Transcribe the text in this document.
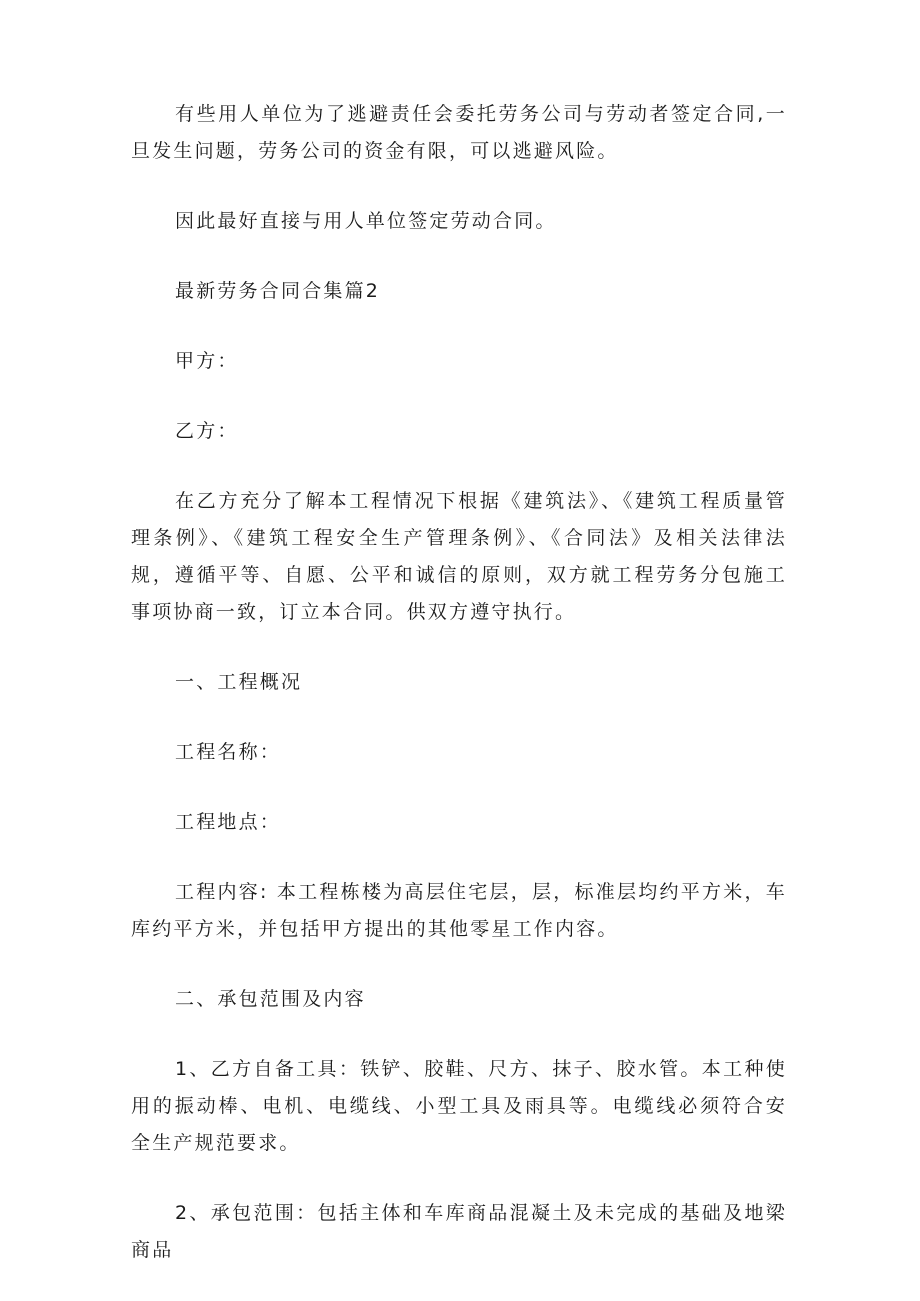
有些用人单位为了逃避责任会委托劳务公司与劳动者签定合同,一旦发生问题，劳务公司的资金有限，可以逃避风险。

因此最好直接与用人单位签定劳动合同。

最新劳务合同合集篇2

甲方：

乙方：

在乙方充分了解本工程情况下根据《建筑法》、《建筑工程质量管理条例》、《建筑工程安全生产管理条例》、《合同法》及相关法律法规，遵循平等、自愿、公平和诚信的原则，双方就工程劳务分包施工事项协商一致，订立本合同。供双方遵守执行。

一、工程概况

工程名称：

工程地点：

工程内容: 本工程栋楼为高层住宅层，层，标准层均约平方米，车库约平方米，并包括甲方提出的其他零星工作内容。

二、承包范围及内容

1、乙方自备工具：铁铲、胶鞋、尺方、抹子、胶水管。本工种使用的振动棒、电机、电缆线、小型工具及雨具等。电缆线必须符合安全生产规范要求。

2、承包范围：包括主体和车库商品混凝土及未完成的基础及地梁商品
